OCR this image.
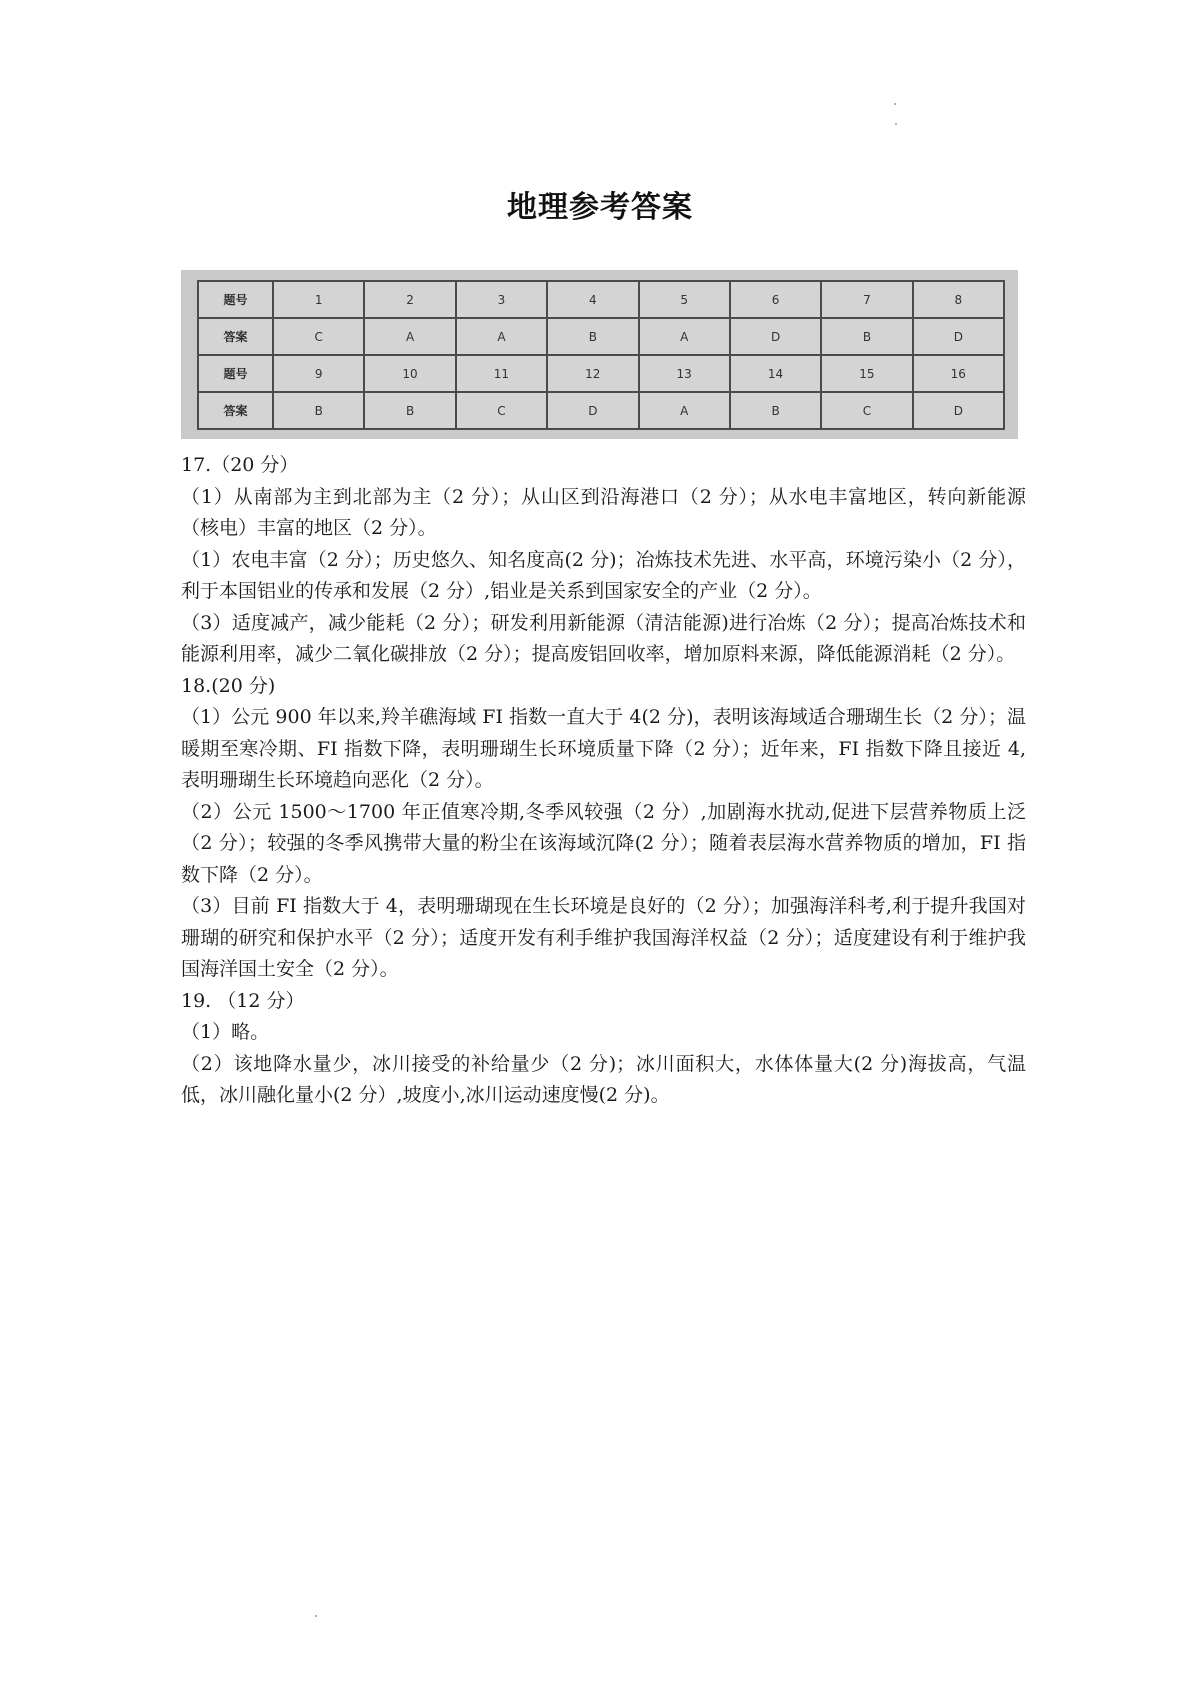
地理参考答案
题号	1	2	3	4	5	6	7	8
答案	C	A	A	B	A	D	B	D
题号	9	10	11	12	13	14	15	16
答案	B	B	C	D	A	B	C	D

17.（20 分）

（1）从南部为主到北部为主（2 分）；从山区到沿海港口（2 分）；从水电丰富地区，转向新能源（核电）丰富的地区（2 分）。

（1）农电丰富（2 分）；历史悠久、知名度高(2 分)；冶炼技术先进、水平高，环境污染小（2 分），利于本国铝业的传承和发展（2 分）,铝业是关系到国家安全的产业（2 分）。

（3）适度减产，减少能耗（2 分）；研发利用新能源（清洁能源)进行冶炼（2 分）；提高冶炼技术和能源利用率，减少二氧化碳排放（2 分）；提高废铝回收率，增加原料来源，降低能源消耗（2 分）。

18.(20 分)

（1）公元 900 年以来,羚羊礁海域 FI 指数一直大于 4(2 分)，表明该海域适合珊瑚生长（2 分）；温暖期至寒冷期、FI 指数下降，表明珊瑚生长环境质量下降（2 分）；近年来，FI 指数下降且接近 4,表明珊瑚生长环境趋向恶化（2 分）。

（2）公元 1500～1700 年正值寒冷期,冬季风较强（2 分）,加剧海水扰动,促进下层营养物质上泛（2 分）；较强的冬季风携带大量的粉尘在该海域沉降(2 分）；随着表层海水营养物质的增加，FI 指数下降（2 分）。

（3）目前 FI 指数大于 4，表明珊瑚现在生长环境是良好的（2 分）；加强海洋科考,利于提升我国对珊瑚的研究和保护水平（2 分）；适度开发有利手维护我国海洋权益（2 分）；适度建设有利于维护我国海洋国土安全（2 分）。

19. （12 分）

（1）略。

（2）该地降水量少，冰川接受的补给量少（2 分)；冰川面积大，水体体量大(2 分)海拔高，气温低，冰川融化量小(2 分）,坡度小,冰川运动速度慢(2 分)。
